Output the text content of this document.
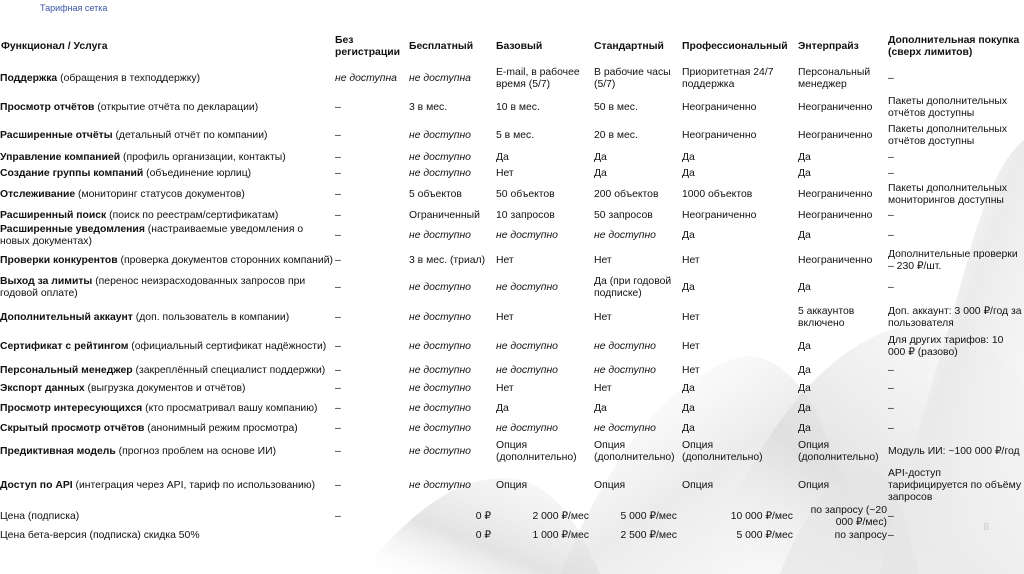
Тарифная сетка
Функционал / Услуга	Без регистрации	Бесплатный	Базовый	Стандартный	Профессиональный	Энтерпрайз	Дополнительная покупка (сверх лимитов)
Поддержка (обращения в техподдержку)	не доступна	не доступна	E-mail, в рабочее время (5/7)	В рабочие часы (5/7)	Приоритетная 24/7 поддержка	Персональный менеджер	–
Просмотр отчётов (открытие отчёта по декларации)	–	3 в мес.	10 в мес.	50 в мес.	Неограниченно	Неограниченно	Пакеты дополнительных отчётов доступны
Расширенные отчёты (детальный отчёт по компании)	–	не доступно	5 в мес.	20 в мес.	Неограниченно	Неограниченно	Пакеты дополнительных отчётов доступны
Управление компанией (профиль организации, контакты)	–	не доступно	Да	Да	Да	Да	–
Создание группы компаний (объединение юрлиц)	–	не доступно	Нет	Да	Да	Да	–
Отслеживание (мониторинг статусов документов)	–	5 объектов	50 объектов	200 объектов	1000 объектов	Неограниченно	Пакеты дополнительных мониторингов доступны
Расширенный поиск (поиск по реестрам/сертификатам)	–	Ограниченный	10 запросов	50 запросов	Неограниченно	Неограниченно	–
Расширенные уведомления (настраиваемые уведомления о новых документах)	–	не доступно	не доступно	не доступно	Да	Да	–
Проверки конкурентов (проверка документов сторонних компаний)	–	3 в мес. (триал)	Нет	Нет	Нет	Неограниченно	Дополнительные проверки – 230 ₽/шт.
Выход за лимиты (перенос неизрасходованных запросов при годовой оплате)	–	не доступно	не доступно	Да (при годовой подписке)	Да	Да	–
Дополнительный аккаунт (доп. пользователь в компании)	–	не доступно	Нет	Нет	Нет	5 аккаунтов включено	Доп. аккаунт: 3 000 ₽/год за пользователя
Сертификат с рейтингом (официальный сертификат надёжности)	–	не доступно	не доступно	не доступно	Нет	Да	Для других тарифов: 10 000 ₽ (разово)
Персональный менеджер (закреплённый специалист поддержки)	–	не доступно	не доступно	не доступно	Нет	Да	–
Экспорт данных (выгрузка документов и отчётов)	–	не доступно	Нет	Нет	Да	Да	–
Просмотр интересующихся (кто просматривал вашу компанию)	–	не доступно	Да	Да	Да	Да	–
Скрытый просмотр отчётов (анонимный режим просмотра)	–	не доступно	не доступно	не доступно	Да	Да	–
Предиктивная модель (прогноз проблем на основе ИИ)	–	не доступно	Опция (дополнительно)	Опция (дополнительно)	Опция (дополнительно)	Опция (дополнительно)	Модуль ИИ: ~100 000 ₽/год
Доступ по API (интеграция через API, тариф по использованию)	–	не доступно	Опция	Опция	Опция	Опция	API-доступ тарифицируется по объёму запросов
Цена (подписка)	–	0 ₽	2 000 ₽/мес	5 000 ₽/мес	10 000 ₽/мес	по запросу (~20 000 ₽/мес)	–
Цена бета-версия (подписка) скидка 50%		0 ₽	1 000 ₽/мес	2 500 ₽/мес	5 000 ₽/мес	по запросу	–
8
